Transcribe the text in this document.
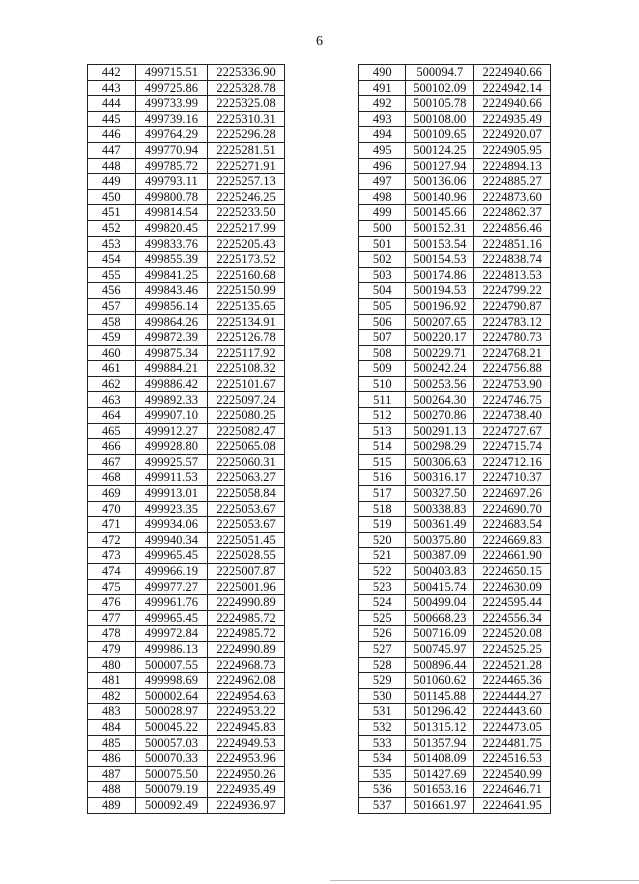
6
442	499715.51	2225336.90
443	499725.86	2225328.78
444	499733.99	2225325.08
445	499739.16	2225310.31
446	499764.29	2225296.28
447	499770.94	2225281.51
448	499785.72	2225271.91
449	499793.11	2225257.13
450	499800.78	2225246.25
451	499814.54	2225233.50
452	499820.45	2225217.99
453	499833.76	2225205.43
454	499855.39	2225173.52
455	499841.25	2225160.68
456	499843.46	2225150.99
457	499856.14	2225135.65
458	499864.26	2225134.91
459	499872.39	2225126.78
460	499875.34	2225117.92
461	499884.21	2225108.32
462	499886.42	2225101.67
463	499892.33	2225097.24
464	499907.10	2225080.25
465	499912.27	2225082.47
466	499928.80	2225065.08
467	499925.57	2225060.31
468	499911.53	2225063.27
469	499913.01	2225058.84
470	499923.35	2225053.67
471	499934.06	2225053.67
472	499940.34	2225051.45
473	499965.45	2225028.55
474	499966.19	2225007.87
475	499977.27	2225001.96
476	499961.76	2224990.89
477	499965.45	2224985.72
478	499972.84	2224985.72
479	499986.13	2224990.89
480	500007.55	2224968.73
481	499998.69	2224962.08
482	500002.64	2224954.63
483	500028.97	2224953.22
484	500045.22	2224945.83
485	500057.03	2224949.53
486	500070.33	2224953.96
487	500075.50	2224950.26
488	500079.19	2224935.49
489	500092.49	2224936.97
490	500094.7	2224940.66
491	500102.09	2224942.14
492	500105.78	2224940.66
493	500108.00	2224935.49
494	500109.65	2224920.07
495	500124.25	2224905.95
496	500127.94	2224894.13
497	500136.06	2224885.27
498	500140.96	2224873.60
499	500145.66	2224862.37
500	500152.31	2224856.46
501	500153.54	2224851.16
502	500154.53	2224838.74
503	500174.86	2224813.53
504	500194.53	2224799.22
505	500196.92	2224790.87
506	500207.65	2224783.12
507	500220.17	2224780.73
508	500229.71	2224768.21
509	500242.24	2224756.88
510	500253.56	2224753.90
511	500264.30	2224746.75
512	500270.86	2224738.40
513	500291.13	2224727.67
514	500298.29	2224715.74
515	500306.63	2224712.16
516	500316.17	2224710.37
517	500327.50	2224697.26
518	500338.83	2224690.70
519	500361.49	2224683.54
520	500375.80	2224669.83
521	500387.09	2224661.90
522	500403.83	2224650.15
523	500415.74	2224630.09
524	500499.04	2224595.44
525	500668.23	2224556.34
526	500716.09	2224520.08
527	500745.97	2224525.25
528	500896.44	2224521.28
529	501060.62	2224465.36
530	501145.88	2224444.27
531	501296.42	2224443.60
532	501315.12	2224473.05
533	501357.94	2224481.75
534	501408.09	2224516.53
535	501427.69	2224540.99
536	501653.16	2224646.71
537	501661.97	2224641.95
